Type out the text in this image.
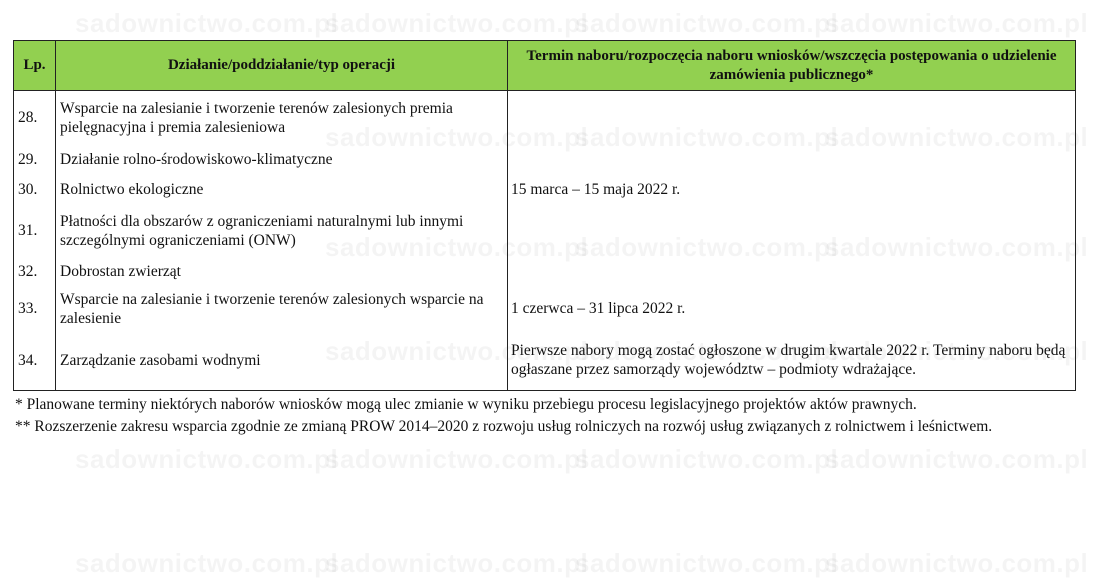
Lp.	Działanie/poddziałanie/typ operacji	Termin naboru/rozpoczęcia naboru wniosków/wszczęcia postępowania o udzielenie zamówienia publicznego*
28.	Wsparcie na zalesianie i tworzenie terenów zalesionych premia pielęgnacyjna i premia zalesieniowa	
29.	Działanie rolno-środowiskowo-klimatyczne	
30.	Rolnictwo ekologiczne	15 marca – 15 maja 2022 r.
31.	Płatności dla obszarów z ograniczeniami naturalnymi lub innymi szczególnymi ograniczeniami (ONW)	
32.	Dobrostan zwierząt	
33.	Wsparcie na zalesianie i tworzenie terenów zalesionych wsparcie na zalesienie	1 czerwca – 31 lipca 2022 r.
34.	Zarządzanie zasobami wodnymi	Pierwsze nabory mogą zostać ogłoszone w drugim kwartale 2022 r. Terminy naboru będą ogłaszane przez samorządy województw – podmioty wdrażające.
* Planowane terminy niektórych naborów wniosków mogą ulec zmianie w wyniku przebiegu procesu legislacyjnego projektów aktów prawnych.
** Rozszerzenie zakresu wsparcia zgodnie ze zmianą PROW 2014–2020 z rozwoju usług rolniczych na rozwój usług związanych z rolnictwem i leśnictwem.
